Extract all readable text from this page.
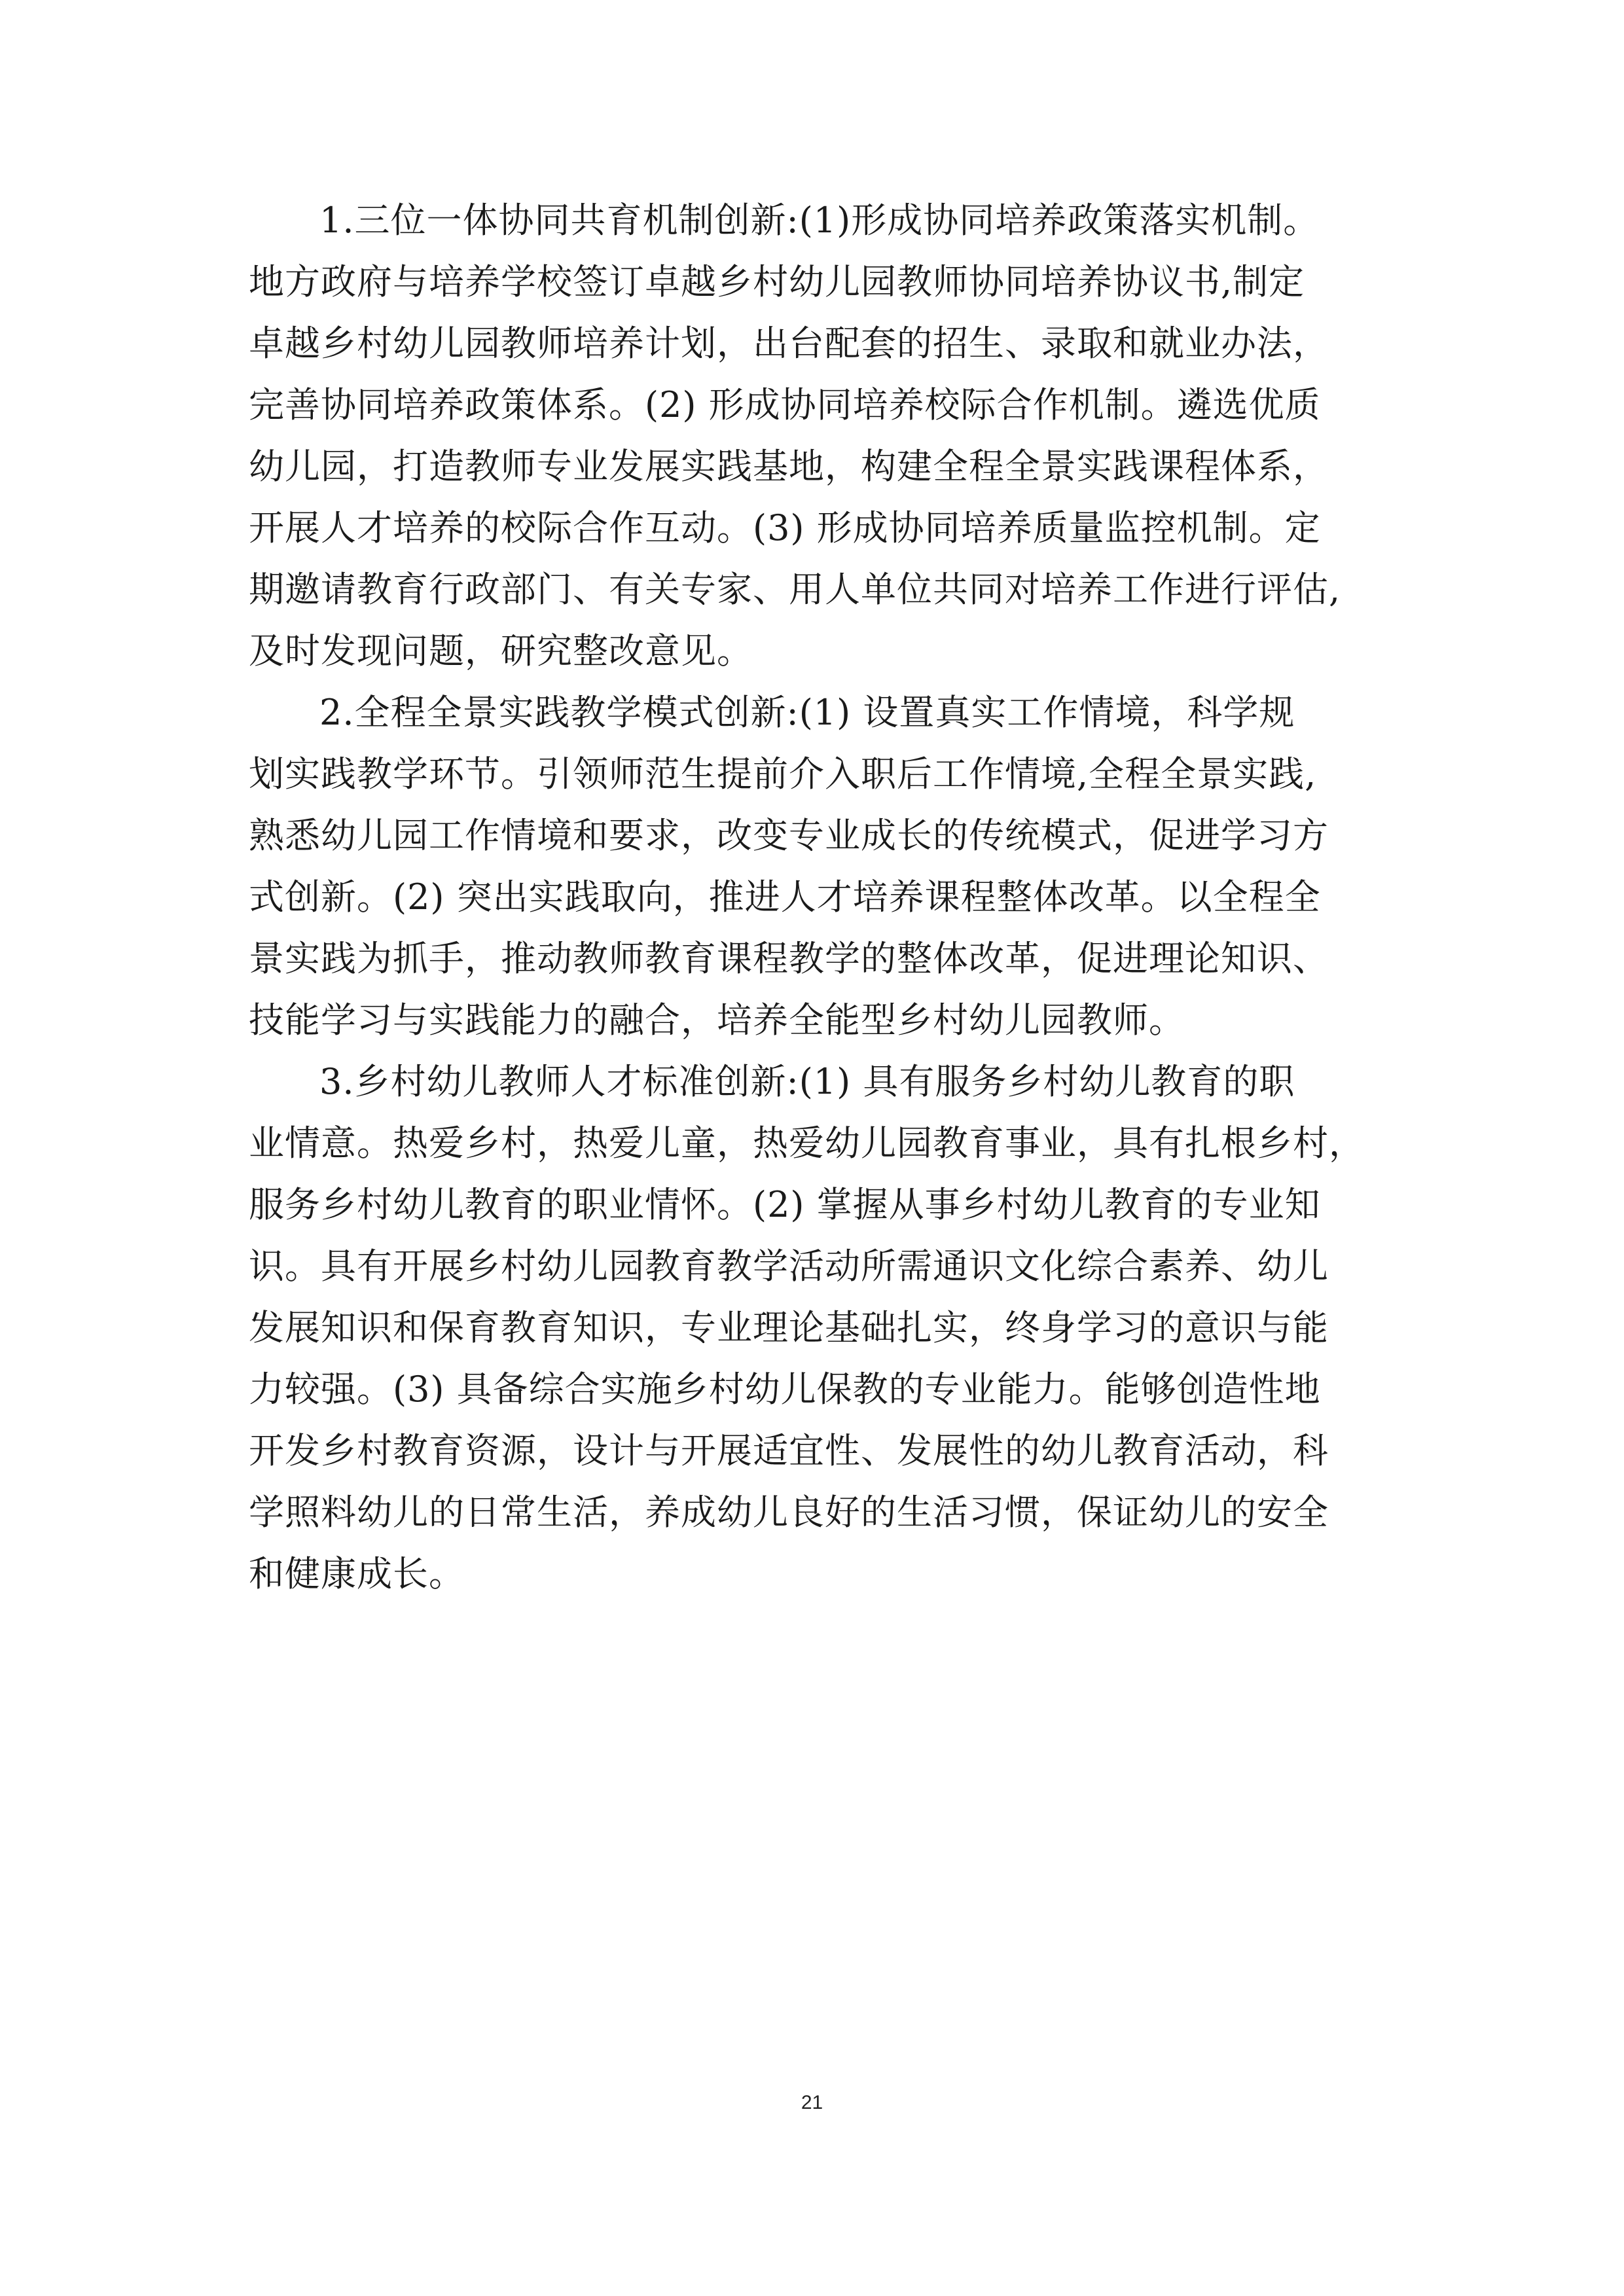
1.三位一体协同共育机制创新:(1)形成协同培养政策落实机制。
地方政府与培养学校签订卓越乡村幼儿园教师协同培养协议书,制定
卓越乡村幼儿园教师培养计划，出台配套的招生、录取和就业办法，
完善协同培养政策体系。(2) 形成协同培养校际合作机制。遴选优质
幼儿园，打造教师专业发展实践基地，构建全程全景实践课程体系，
开展人才培养的校际合作互动。(3) 形成协同培养质量监控机制。定
期邀请教育行政部门、有关专家、用人单位共同对培养工作进行评估,
及时发现问题，研究整改意见。
2.全程全景实践教学模式创新:(1) 设置真实工作情境，科学规
划实践教学环节。引领师范生提前介入职后工作情境,全程全景实践,
熟悉幼儿园工作情境和要求，改变专业成长的传统模式，促进学习方
式创新。(2) 突出实践取向，推进人才培养课程整体改革。以全程全
景实践为抓手，推动教师教育课程教学的整体改革，促进理论知识、
技能学习与实践能力的融合，培养全能型乡村幼儿园教师。
3.乡村幼儿教师人才标准创新:(1) 具有服务乡村幼儿教育的职
业情意。热爱乡村，热爱儿童，热爱幼儿园教育事业，具有扎根乡村，
服务乡村幼儿教育的职业情怀。(2) 掌握从事乡村幼儿教育的专业知
识。具有开展乡村幼儿园教育教学活动所需通识文化综合素养、幼儿
发展知识和保育教育知识，专业理论基础扎实，终身学习的意识与能
力较强。(3) 具备综合实施乡村幼儿保教的专业能力。能够创造性地
开发乡村教育资源，设计与开展适宜性、发展性的幼儿教育活动，科
学照料幼儿的日常生活，养成幼儿良好的生活习惯，保证幼儿的安全
和健康成长。
21
